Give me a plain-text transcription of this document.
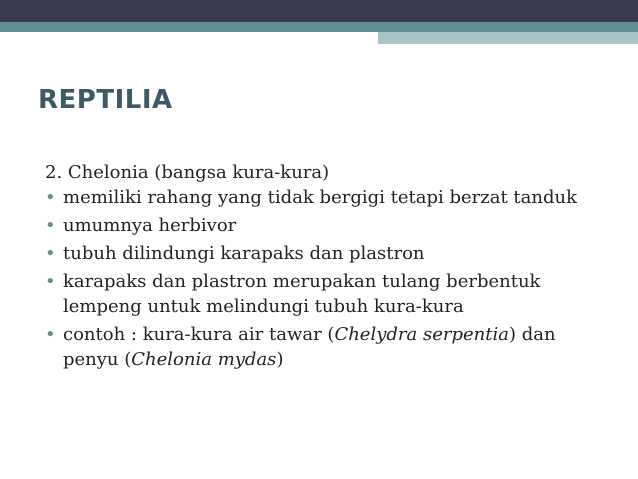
REPTILIA

2. Chelonia (bangsa kura-kura)

• memiliki rahang yang tidak bergigi tetapi berzat tanduk
• umumnya herbivor
• tubuh dilindungi karapaks dan plastron
• karapaks dan plastron merupakan tulang berbentuk lempeng untuk melindungi tubuh kura-kura
• contoh : kura-kura air tawar (Chelydra serpentia) dan penyu (Chelonia mydas)
